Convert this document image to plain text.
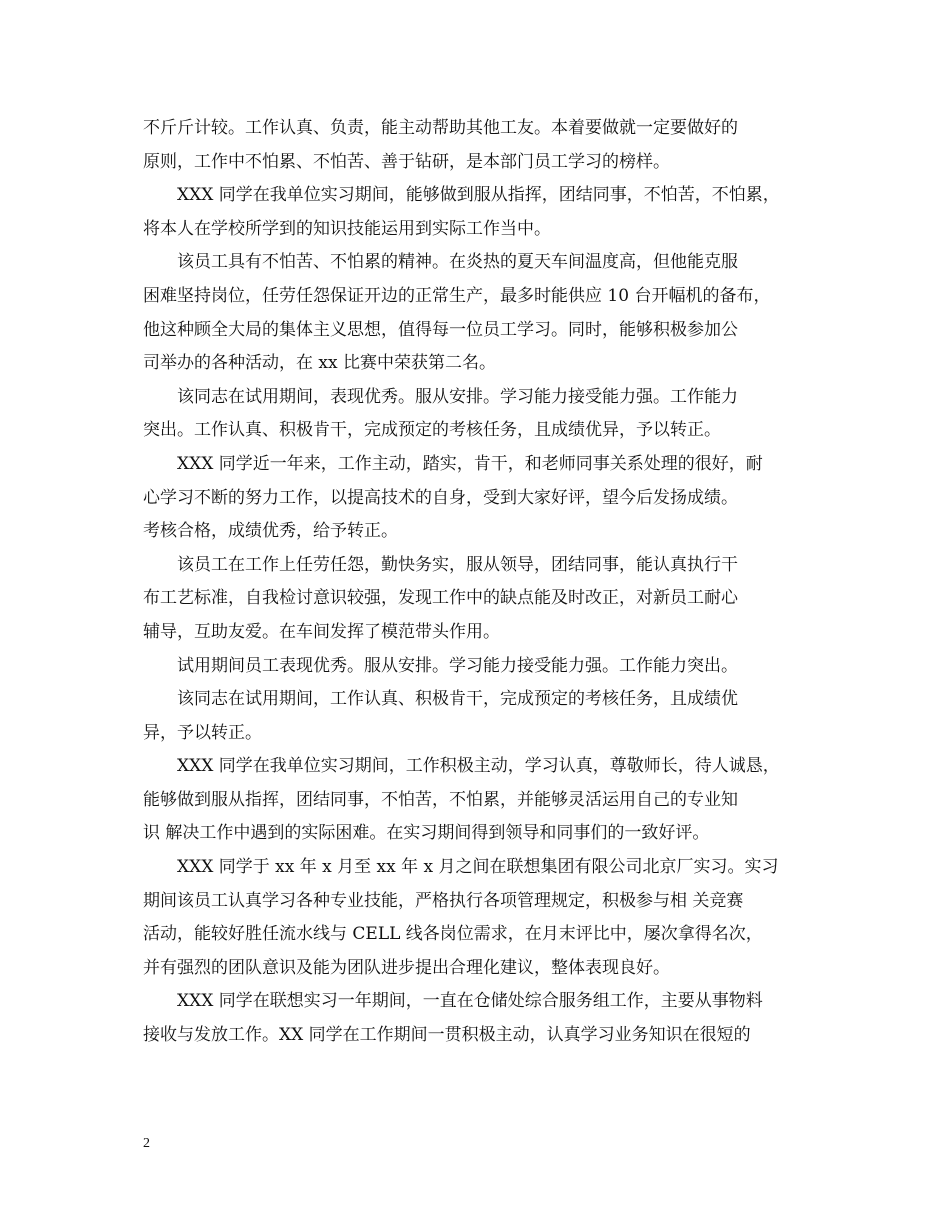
不斤斤计较。工作认真、负责，能主动帮助其他工友。本着要做就一定要做好的
原则，工作中不怕累、不怕苦、善于钻研，是本部门员工学习的榜样。
XXX 同学在我单位实习期间，能够做到服从指挥，团结同事，不怕苦，不怕累，
将本人在学校所学到的知识技能运用到实际工作当中。
该员工具有不怕苦、不怕累的精神。在炎热的夏天车间温度高，但他能克服
困难坚持岗位，任劳任怨保证开边的正常生产，最多时能供应 10 台开幅机的备布，
他这种顾全大局的集体主义思想，值得每一位员工学习。同时，能够积极参加公
司举办的各种活动，在 xx 比赛中荣获第二名。
该同志在试用期间，表现优秀。服从安排。学习能力接受能力强。工作能力
突出。工作认真、积极肯干，完成预定的考核任务，且成绩优异，予以转正。
XXX 同学近一年来，工作主动，踏实，肯干，和老师同事关系处理的很好，耐
心学习不断的努力工作，以提高技术的自身，受到大家好评，望今后发扬成绩。
考核合格，成绩优秀，给予转正。
该员工在工作上任劳任怨，勤快务实，服从领导，团结同事，能认真执行干
布工艺标准，自我检讨意识较强，发现工作中的缺点能及时改正，对新员工耐心
辅导，互助友爱。在车间发挥了模范带头作用。
试用期间员工表现优秀。服从安排。学习能力接受能力强。工作能力突出。
该同志在试用期间，工作认真、积极肯干，完成预定的考核任务，且成绩优
异，予以转正。
XXX 同学在我单位实习期间，工作积极主动，学习认真，尊敬师长，待人诚恳，
能够做到服从指挥，团结同事，不怕苦，不怕累，并能够灵活运用自己的专业知
识 解决工作中遇到的实际困难。在实习期间得到领导和同事们的一致好评。
XXX 同学于 xx 年 x 月至 xx 年 x 月之间在联想集团有限公司北京厂实习。实习
期间该员工认真学习各种专业技能，严格执行各项管理规定，积极参与相 关竞赛
活动，能较好胜任流水线与 CELL 线各岗位需求，在月末评比中，屡次拿得名次，
并有强烈的团队意识及能为团队进步提出合理化建议，整体表现良好。
XXX 同学在联想实习一年期间，一直在仓储处综合服务组工作，主要从事物料
接收与发放工作。XX 同学在工作期间一贯积极主动，认真学习业务知识在很短的
2
